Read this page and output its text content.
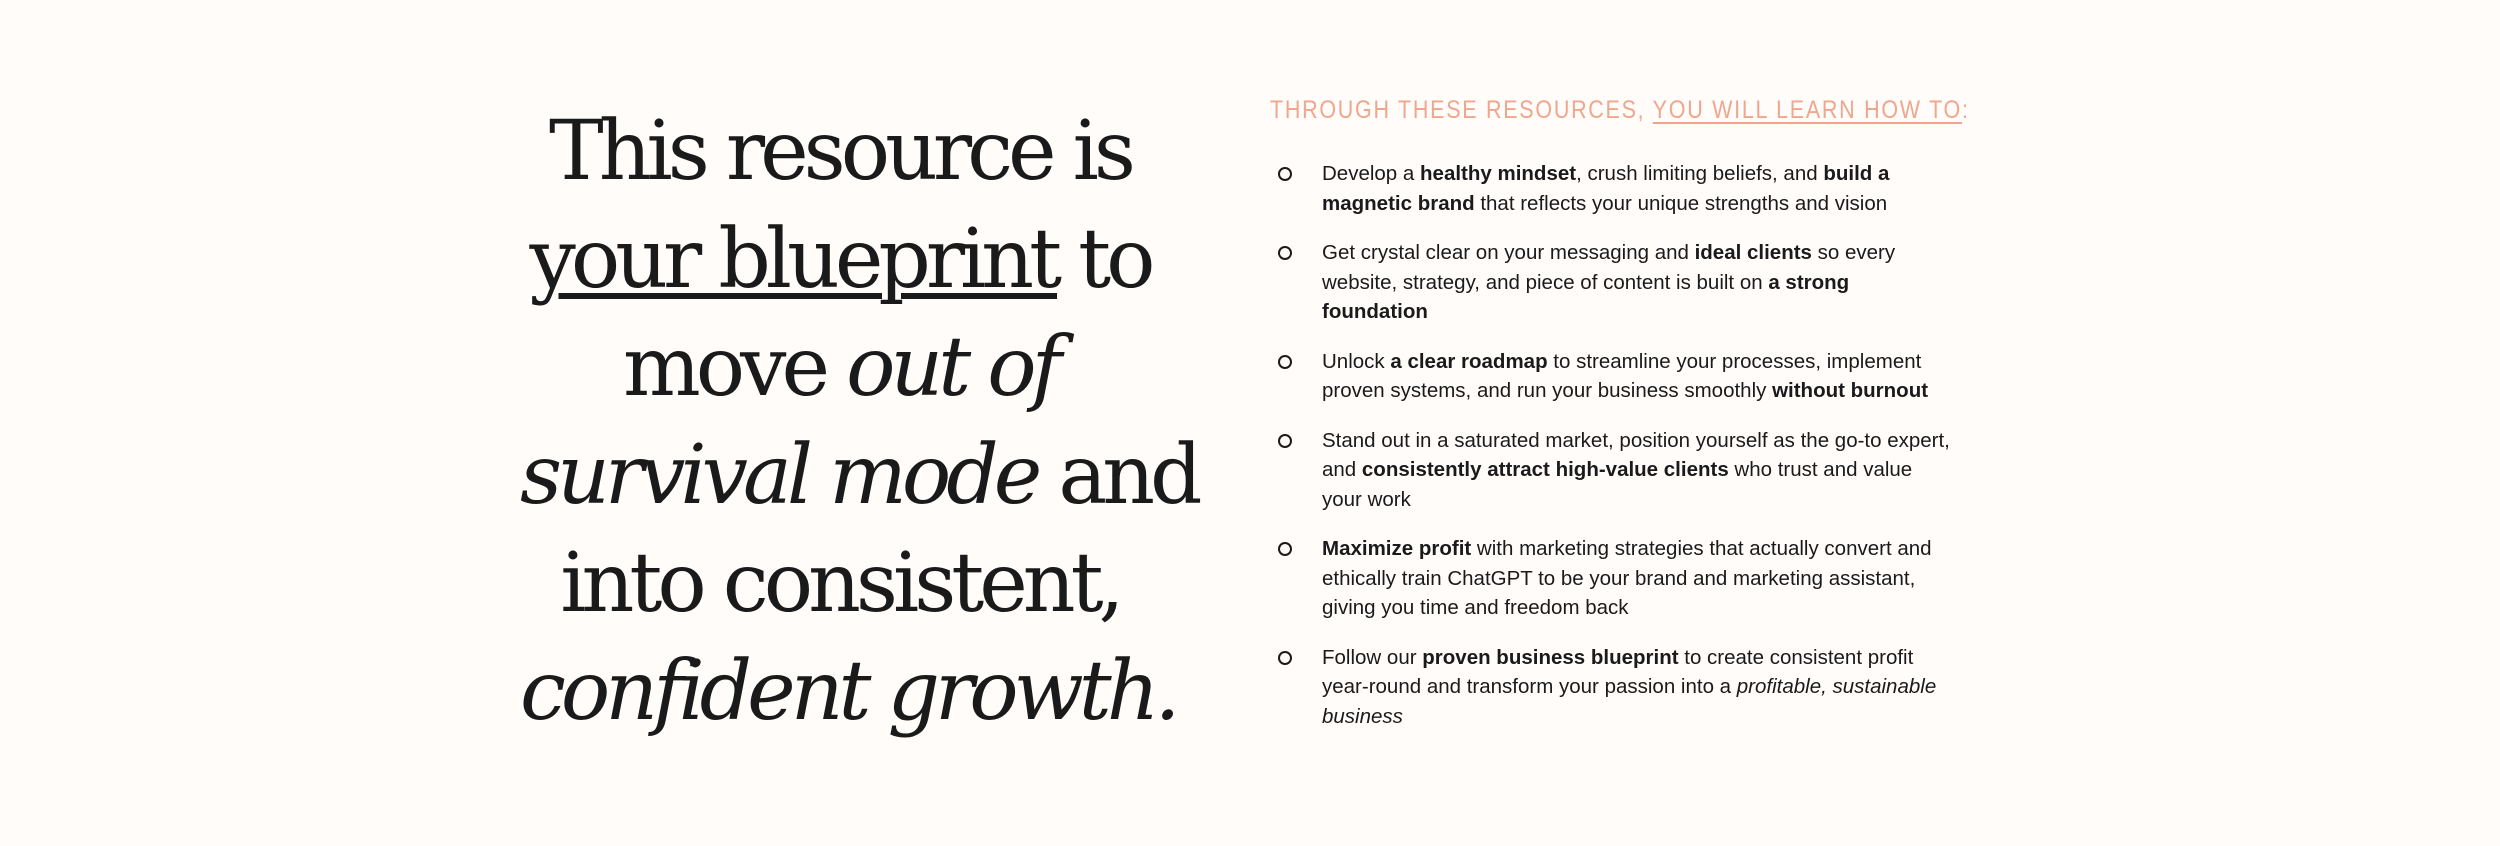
This resource is
your blueprint to
move out of
survival mode and
into consistent,
confident growth.
THROUGH THESE RESOURCES, YOU WILL LEARN HOW TO:
Develop a healthy mindset, crush limiting beliefs, and build a magnetic brand that reflects your unique strengths and vision
Get crystal clear on your messaging and ideal clients so every website, strategy, and piece of content is built on a strong foundation
Unlock a clear roadmap to streamline your processes, implement proven systems, and run your business smoothly without burnout
Stand out in a saturated market, position yourself as the go-to expert, and consistently attract high-value clients who trust and value your work
Maximize profit with marketing strategies that actually convert and ethically train ChatGPT to be your brand and marketing assistant, giving you time and freedom back
Follow our proven business blueprint to create consistent profit year-round and transform your passion into a profitable, sustainable business
